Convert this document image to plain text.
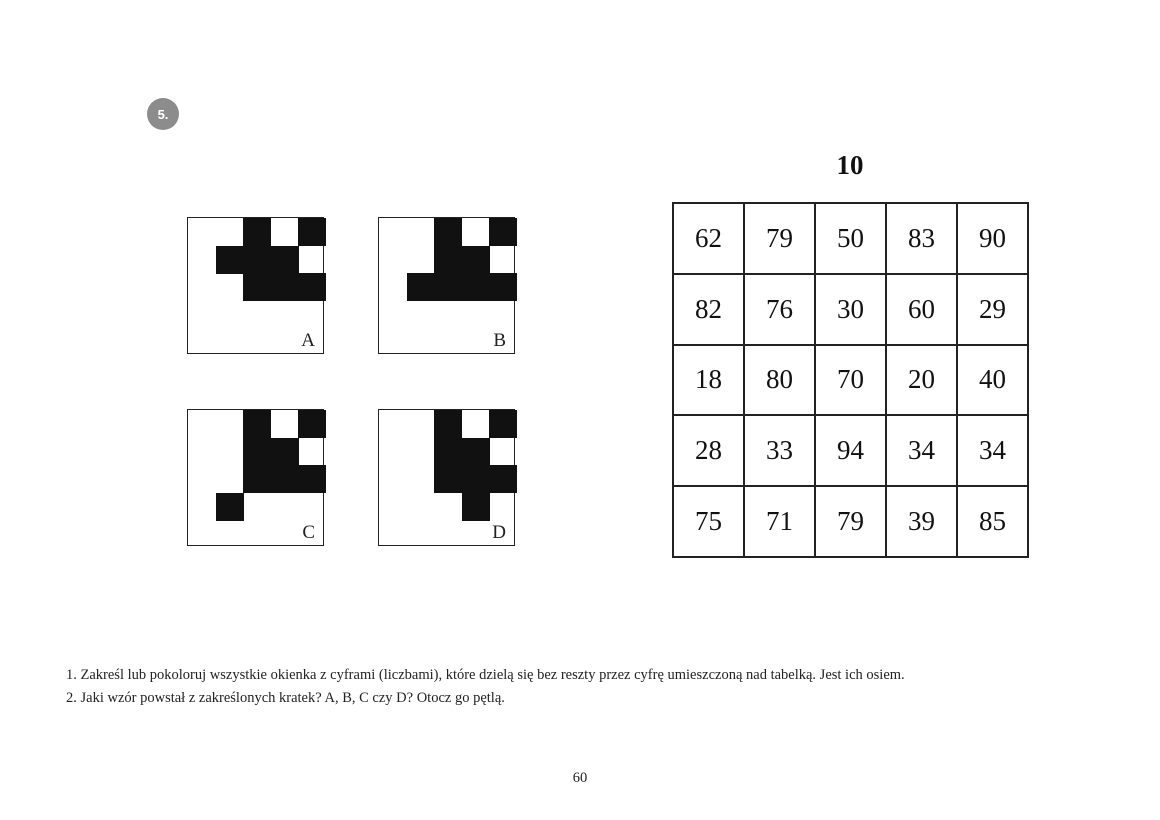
5.
A	B
C	D
10
62	79	50	83	90
82	76	30	60	29
18	80	70	20	40
28	33	94	34	34
75	71	79	39	85
1. Zakreśl lub pokoloruj wszystkie okienka z cyframi (liczbami), które dzielą się bez reszty przez cyfrę umieszczoną nad tabelką. Jest ich osiem.
2. Jaki wzór powstał z zakreślonych kratek? A, B, C czy D? Otocz go pętlą.
60
